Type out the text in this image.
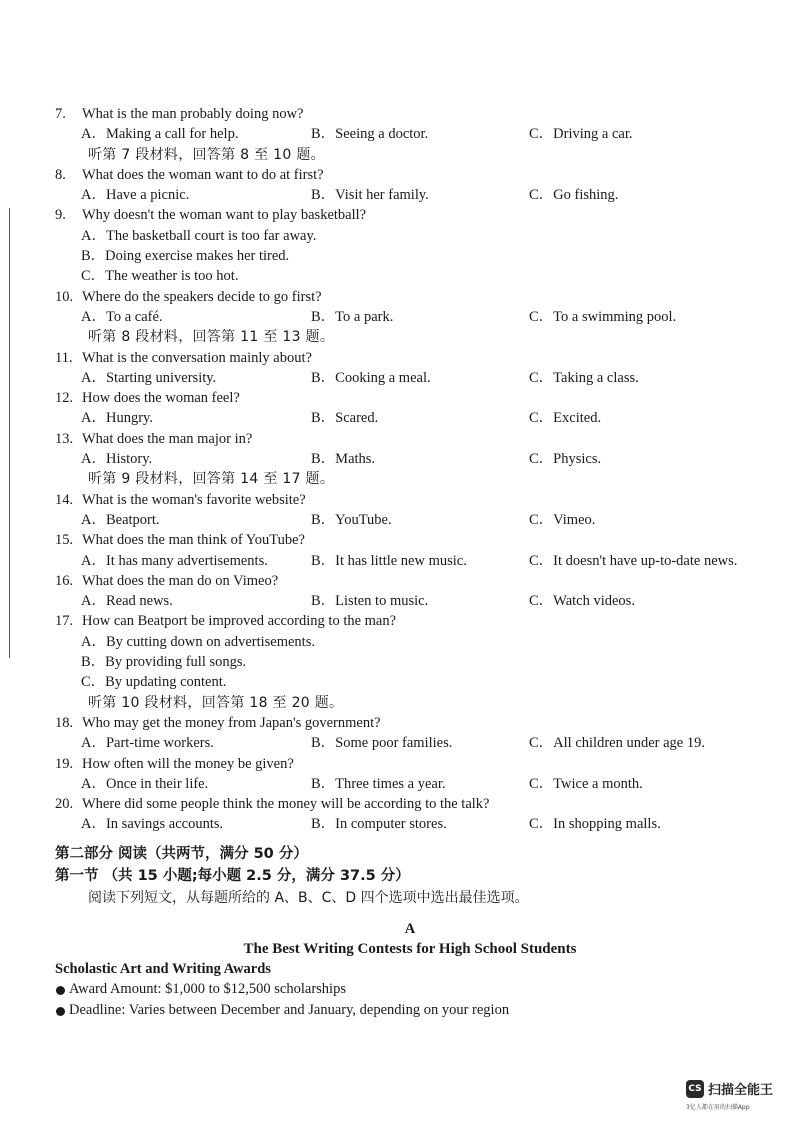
7. What is the man probably doing now?
A．Making a call for help.	B．Seeing a doctor.	C．Driving a car.
听第 7 段材料，回答第 8 至 10 题。
8. What does the woman want to do at first?
A．Have a picnic.	B．Visit her family.	C．Go fishing.
9. Why doesn't the woman want to play basketball?
A．The basketball court is too far away.
B．Doing exercise makes her tired.
C．The weather is too hot.
10. Where do the speakers decide to go first?
A．To a café.	B．To a park.	C．To a swimming pool.
听第 8 段材料，回答第 11 至 13 题。
11. What is the conversation mainly about?
A．Starting university.	B．Cooking a meal.	C．Taking a class.
12. How does the woman feel?
A．Hungry.	B．Scared.	C．Excited.
13. What does the man major in?
A．History.	B．Maths.	C．Physics.
听第 9 段材料，回答第 14 至 17 题。
14. What is the woman's favorite website?
A．Beatport.	B．YouTube.	C．Vimeo.
15. What does the man think of YouTube?
A．It has many advertisements.	B．It has little new music.	C．It doesn't have up-to-date news.
16. What does the man do on Vimeo?
A．Read news.	B．Listen to music.	C．Watch videos.
17. How can Beatport be improved according to the man?
A．By cutting down on advertisements.
B．By providing full songs.
C．By updating content.
听第 10 段材料，回答第 18 至 20 题。
18. Who may get the money from Japan's government?
A．Part-time workers.	B．Some poor families.	C．All children under age 19.
19. How often will the money be given?
A．Once in their life.	B．Three times a year.	C．Twice a month.
20. Where did some people think the money will be according to the talk?
A．In savings accounts.	B．In computer stores.	C．In shopping malls.
第二部分 阅读（共两节，满分 50 分）
第一节 （共 15 小题;每小题 2.5 分，满分 37.5 分）
阅读下列短文，从每题所给的 A、B、C、D 四个选项中选出最佳选项。
A
The Best Writing Contests for High School Students
Scholastic Art and Writing Awards
Award Amount: $1,000 to $12,500 scholarships
Deadline: Varies between December and January, depending on your region
CS 扫描全能王
3亿人都在用的扫描App
